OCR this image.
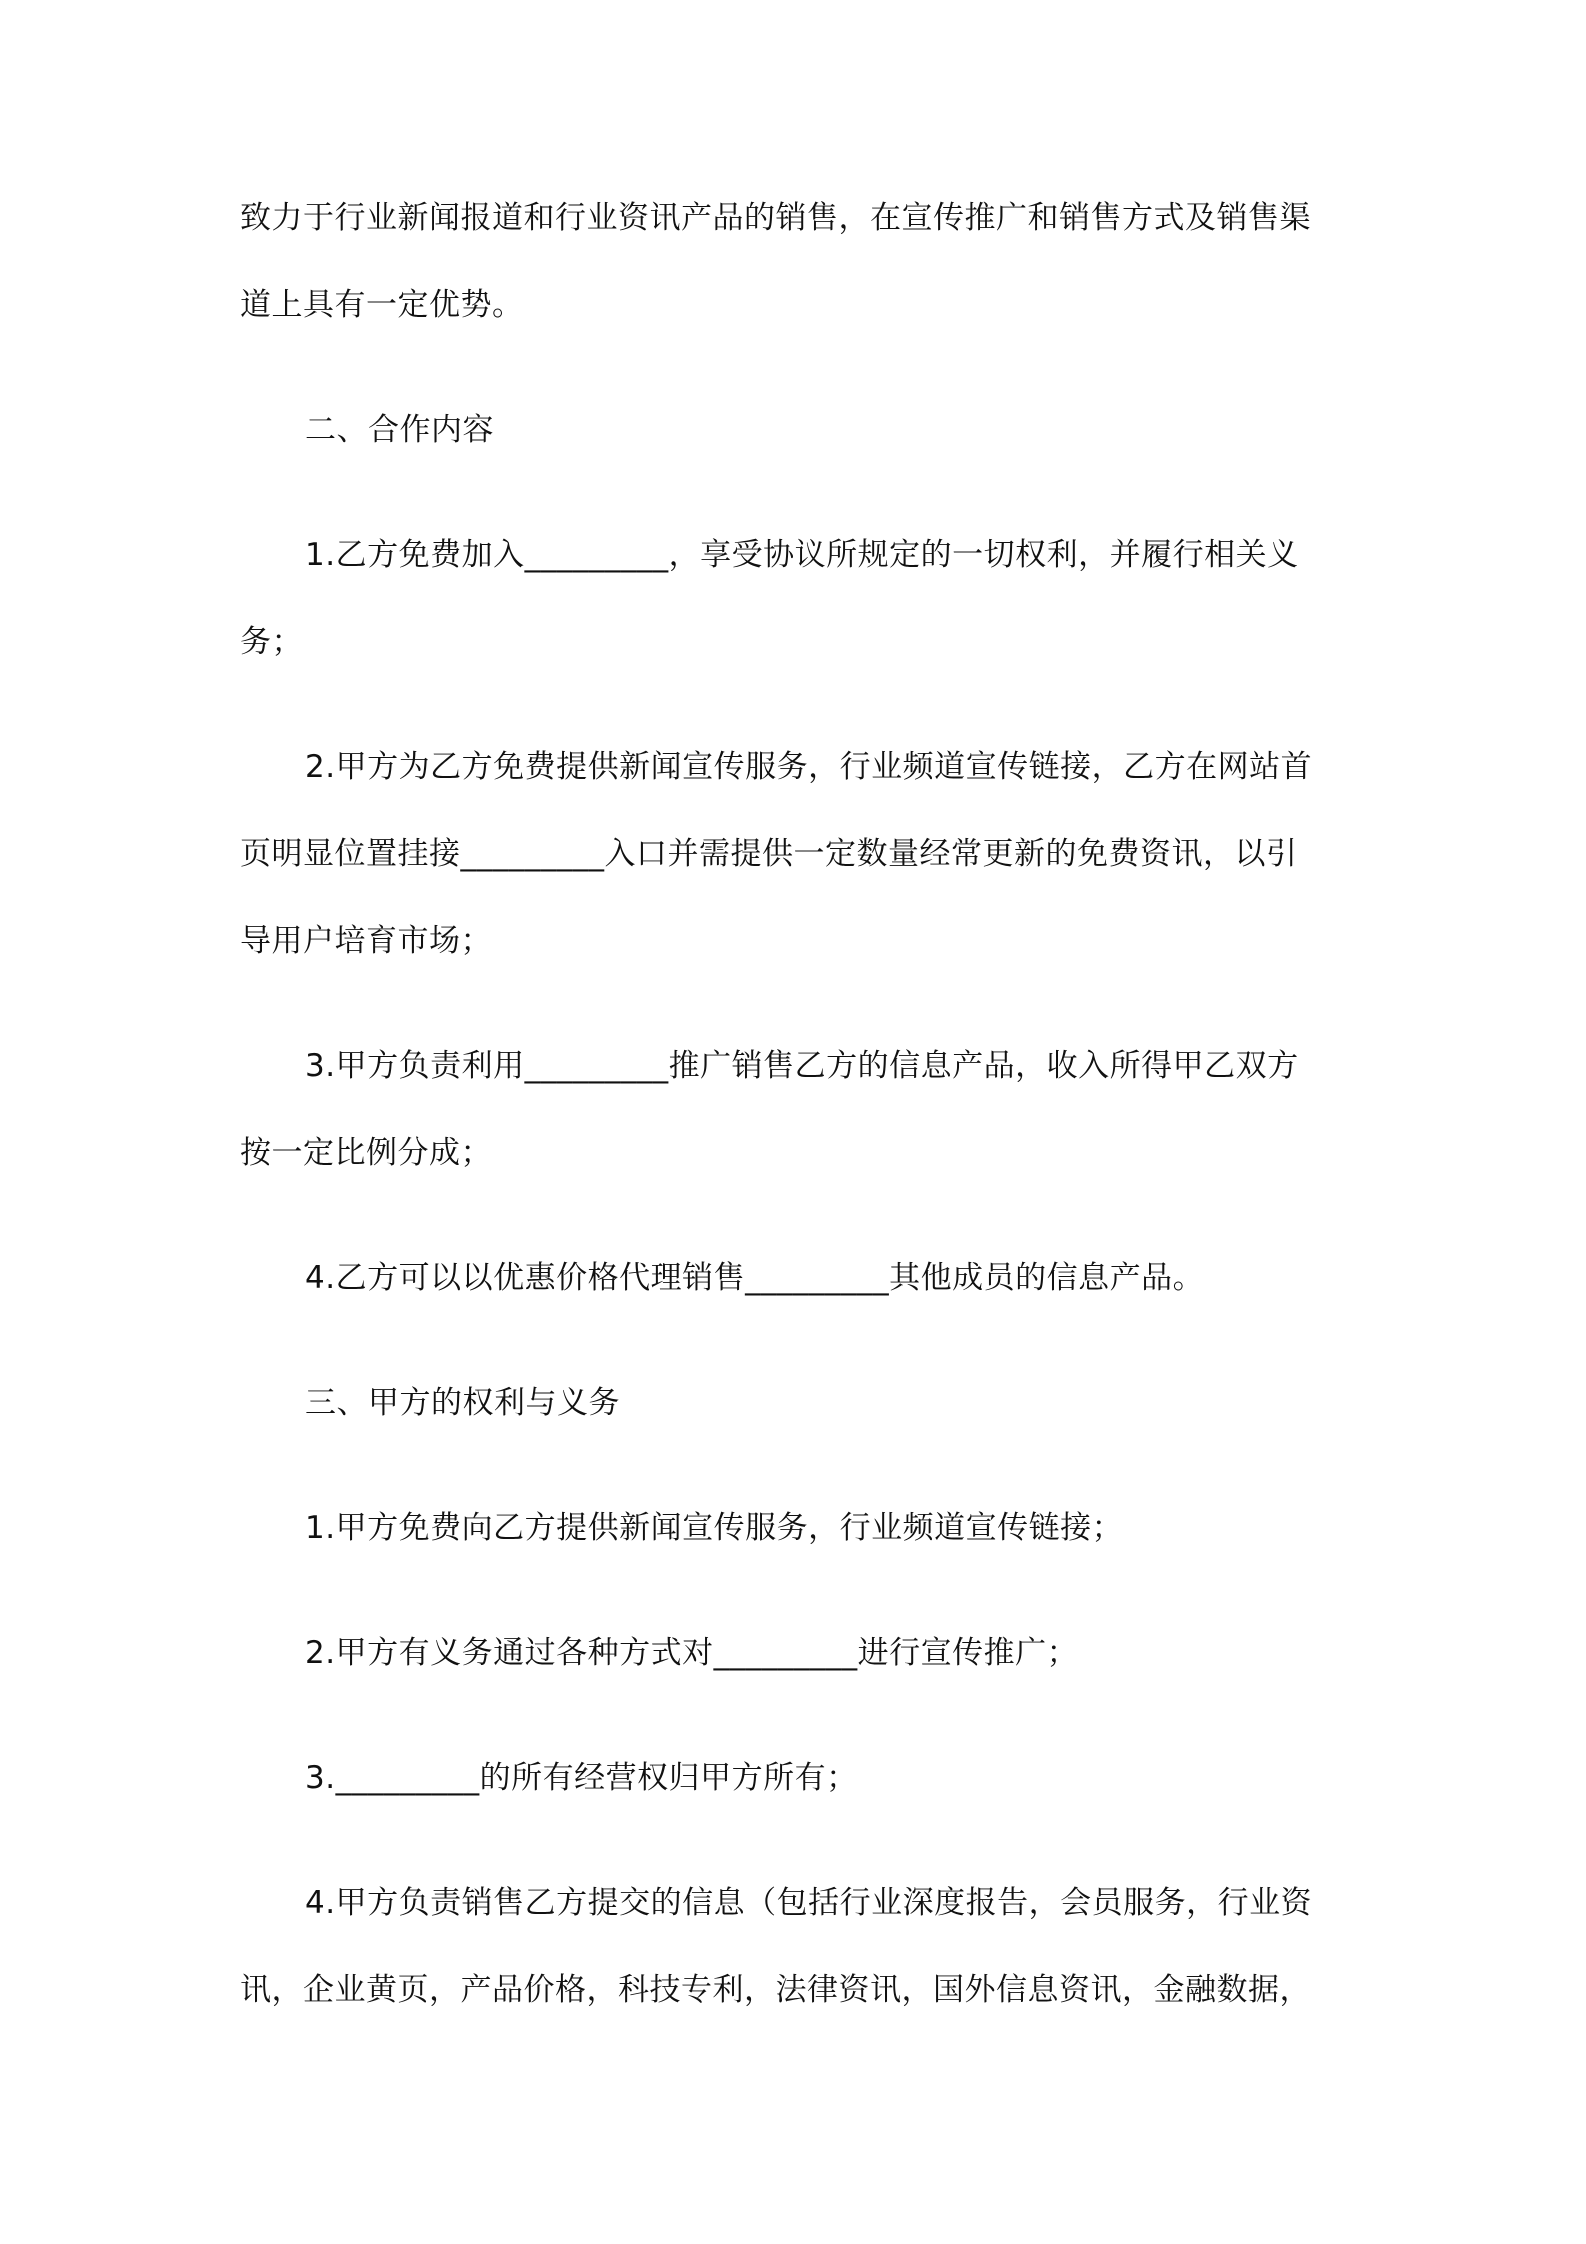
致力于行业新闻报道和行业资讯产品的销售，在宣传推广和销售方式及销售渠
道上具有一定优势。
二、合作内容
1.乙方免费加入_________，享受协议所规定的一切权利，并履行相关义
务；
2.甲方为乙方免费提供新闻宣传服务，行业频道宣传链接，乙方在网站首
页明显位置挂接_________入口并需提供一定数量经常更新的免费资讯，以引
导用户培育市场；
3.甲方负责利用_________推广销售乙方的信息产品，收入所得甲乙双方
按一定比例分成；
4.乙方可以以优惠价格代理销售_________其他成员的信息产品。
三、甲方的权利与义务
1.甲方免费向乙方提供新闻宣传服务，行业频道宣传链接；
2.甲方有义务通过各种方式对_________进行宣传推广；
3._________的所有经营权归甲方所有；
4.甲方负责销售乙方提交的信息（包括行业深度报告，会员服务，行业资
讯，企业黄页，产品价格，科技专利，法律资讯，国外信息资讯，金融数据，
